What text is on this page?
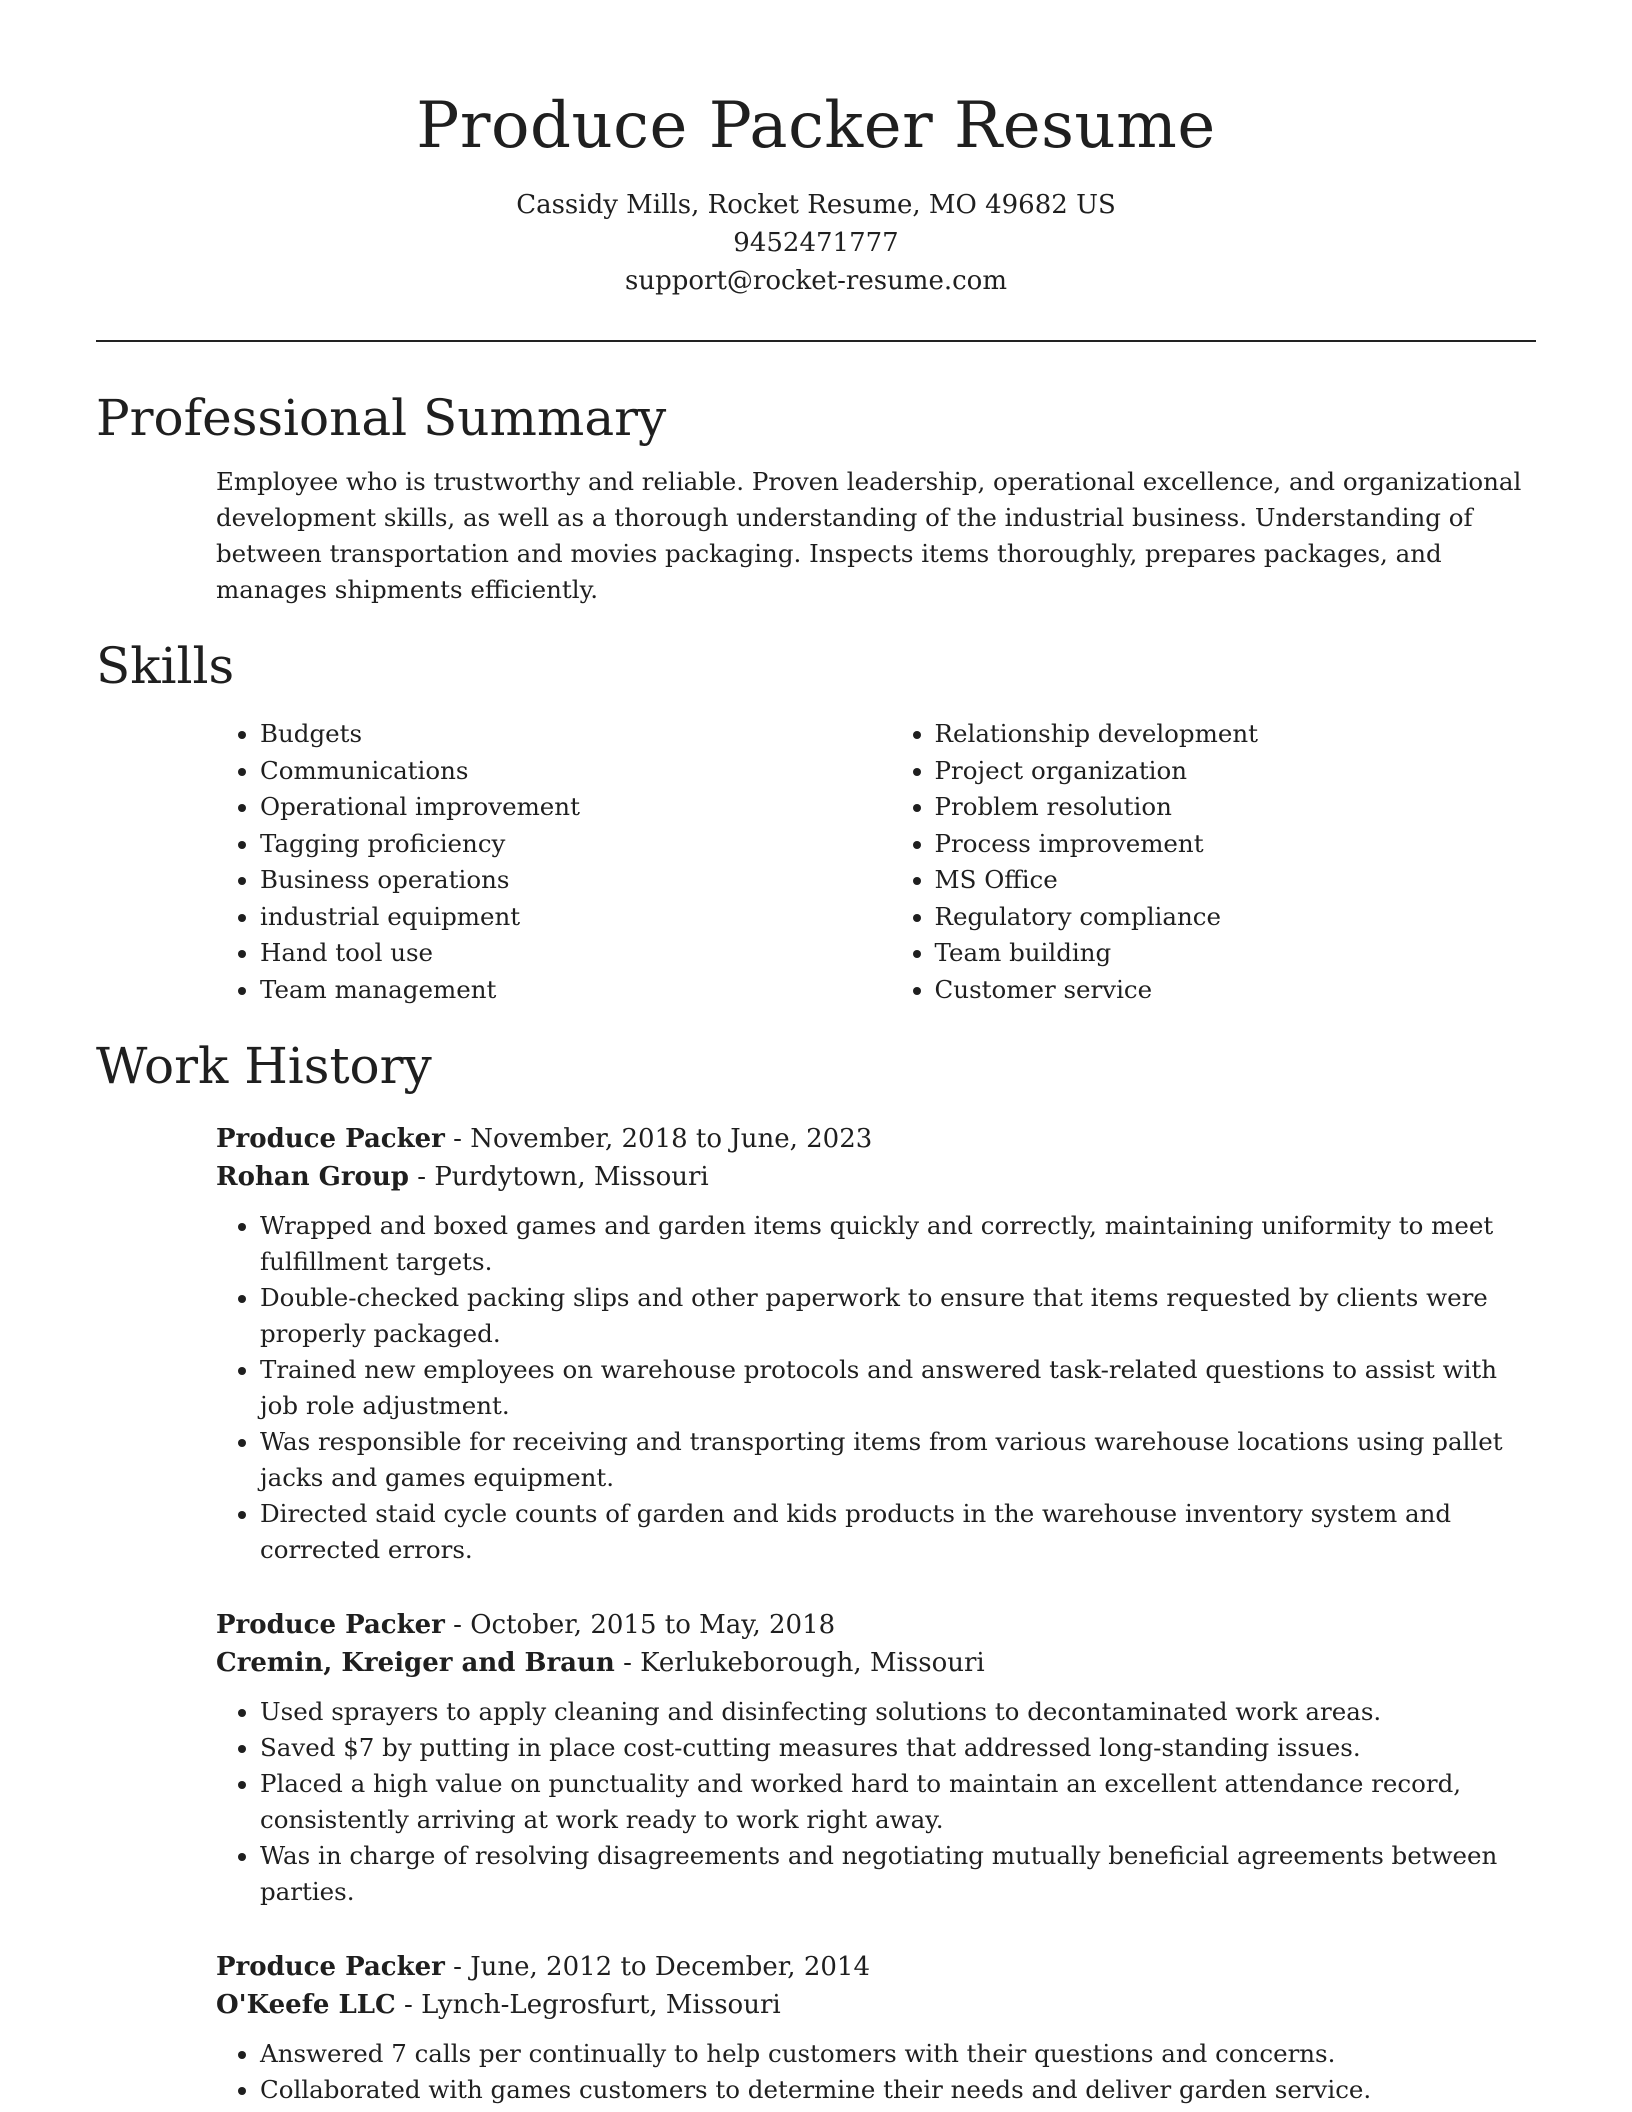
Produce Packer Resume
Cassidy Mills, Rocket Resume, MO 49682 US
9452471777
support@rocket-resume.com
Professional Summary

Employee who is trustworthy and reliable. Proven leadership, operational excellence, and organizational development skills, as well as a thorough understanding of the industrial business. Understanding of between transportation and movies packaging. Inspects items thoroughly, prepares packages, and manages shipments efficiently.

Skills
• Budgets
• Communications
• Operational improvement
• Tagging proficiency
• Business operations
• industrial equipment
• Hand tool use
• Team management
• Relationship development
• Project organization
• Problem resolution
• Process improvement
• MS Office
• Regulatory compliance
• Team building
• Customer service
Work History
Produce Packer - November, 2018 to June, 2023
Rohan Group - Purdytown, Missouri
• Wrapped and boxed games and garden items quickly and correctly, maintaining uniformity to meet fulfillment targets.
• Double-checked packing slips and other paperwork to ensure that items requested by clients were properly packaged.
• Trained new employees on warehouse protocols and answered task-related questions to assist with job role adjustment.
• Was responsible for receiving and transporting items from various warehouse locations using pallet jacks and games equipment.
• Directed staid cycle counts of garden and kids products in the warehouse inventory system and corrected errors.
Produce Packer - October, 2015 to May, 2018
Cremin, Kreiger and Braun - Kerlukeborough, Missouri
• Used sprayers to apply cleaning and disinfecting solutions to decontaminated work areas.
• Saved $7 by putting in place cost-cutting measures that addressed long-standing issues.
• Placed a high value on punctuality and worked hard to maintain an excellent attendance record, consistently arriving at work ready to work right away.
• Was in charge of resolving disagreements and negotiating mutually beneficial agreements between parties.
Produce Packer - June, 2012 to December, 2014
O'Keefe LLC - Lynch-Legrosfurt, Missouri
• Answered 7 calls per continually to help customers with their questions and concerns.
• Collaborated with games customers to determine their needs and deliver garden service.
